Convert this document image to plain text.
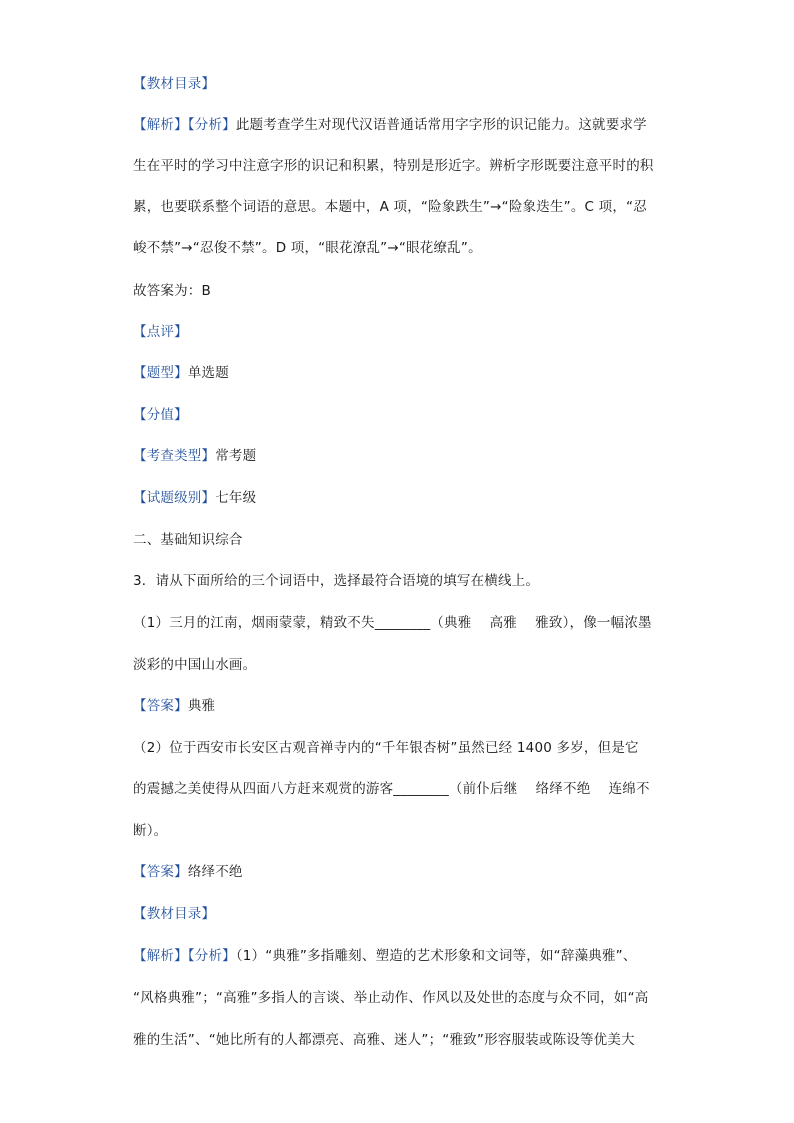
【教材目录】
【解析】【分析】此题考查学生对现代汉语普通话常用字字形的识记能力。这就要求学
生在平时的学习中注意字形的识记和积累，特别是形近字。辨析字形既要注意平时的积
累，也要联系整个词语的意思。本题中，A 项，“险象跌生”→“险象迭生”。C 项，“忍
峻不禁”→“忍俊不禁”。D 项，“眼花潦乱”→“眼花缭乱”。
故答案为：B
【点评】
【题型】单选题
【分值】
【考查类型】常考题
【试题级别】七年级
二、基础知识综合
3．请从下面所给的三个词语中，选择最符合语境的填写在横线上。
（1）三月的江南，烟雨蒙蒙，精致不失________（典雅　 高雅　 雅致），像一幅浓墨
淡彩的中国山水画。
【答案】典雅
（2）位于西安市长安区古观音禅寺内的“千年银杏树”虽然已经 1400 多岁，但是它
的震撼之美使得从四面八方赶来观赏的游客________（前仆后继　 络绎不绝　 连绵不
断）。
【答案】络绎不绝
【教材目录】
【解析】【分析】（1）“典雅”多指雕刻、塑造的艺术形象和文词等，如“辞藻典雅”、
“风格典雅”；“高雅”多指人的言谈、举止动作、作风以及处世的态度与众不同，如“高
雅的生活”、“她比所有的人都漂亮、高雅、迷人”；“雅致”形容服装或陈设等优美大
